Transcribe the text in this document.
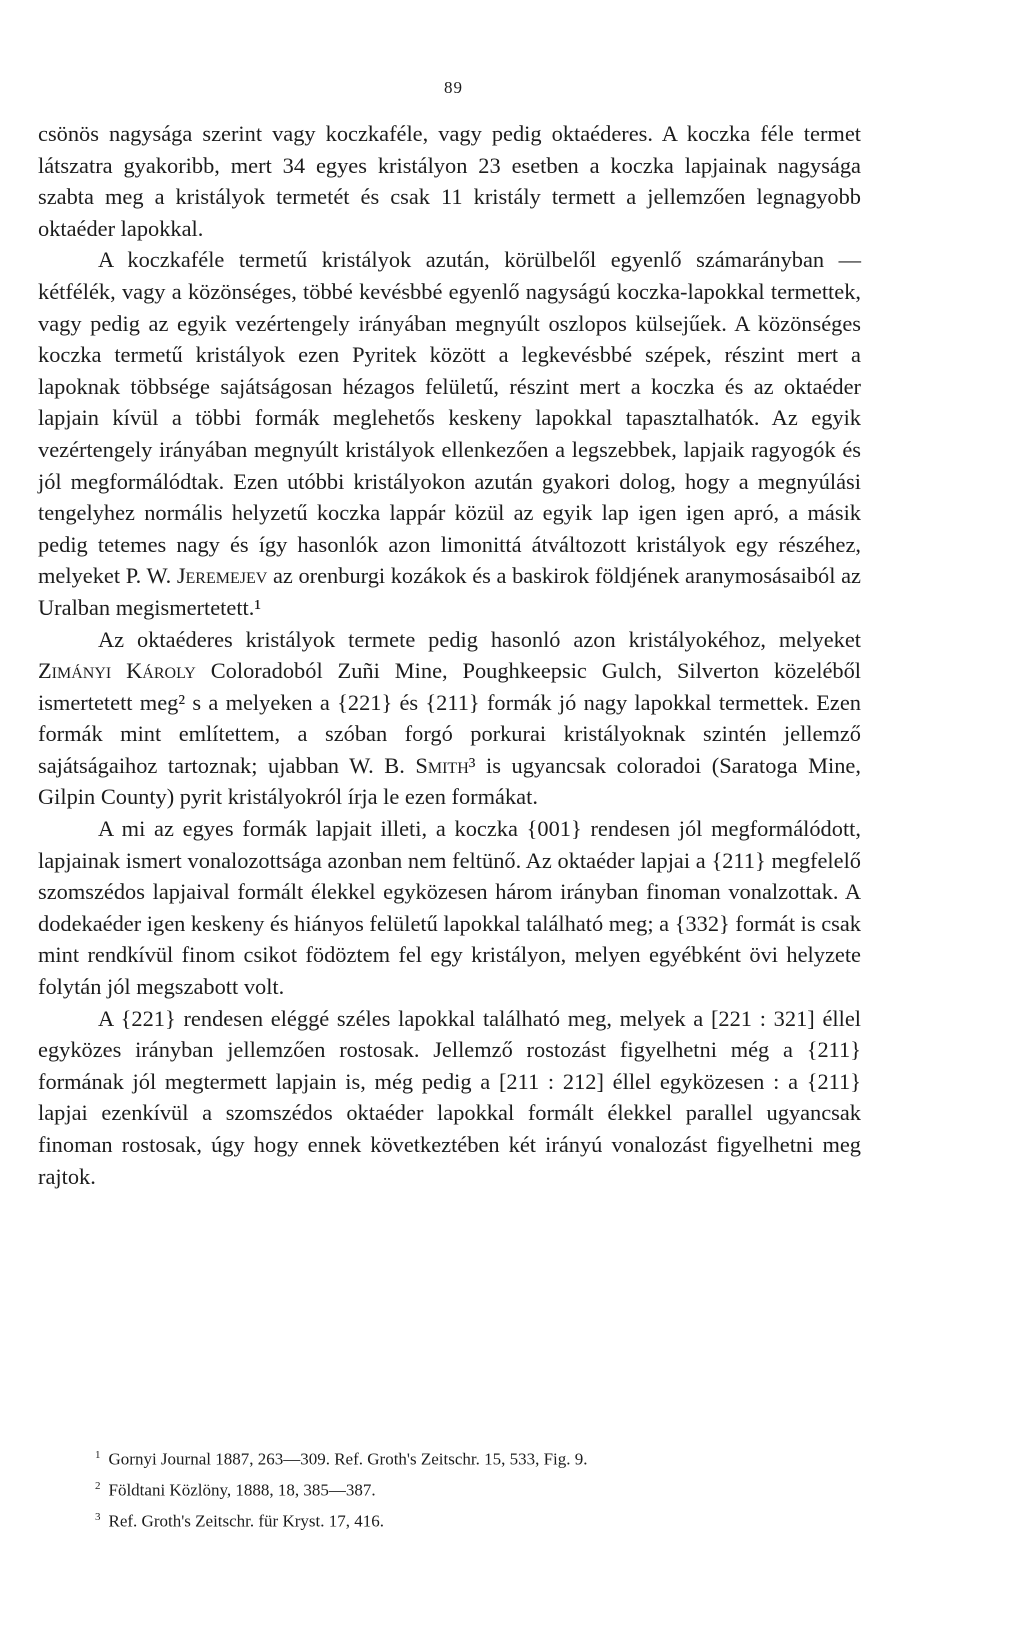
89

csönös nagysága szerint vagy koczkaféle, vagy pedig oktaéderes. A koczka féle termet látszatra gyakoribb, mert 34 egyes kristályon 23 esetben a koczka lapjainak nagysága szabta meg a kristályok termetét és csak 11 kristály termett a jellemzően legnagyobb oktaéder lapokkal.

A koczkaféle termetű kristályok azután, körülbelől egyenlő számarányban — kétfélék, vagy a közönséges, többé kevésbbé egyenlő nagyságú koczka-lapokkal termettek, vagy pedig az egyik vezértengely irányában megnyúlt oszlopos külsejűek. A közönséges koczka termetű kristályok ezen Pyritek között a legkevésbbé szépek, részint mert a lapoknak többsége sajátságosan hézagos felületű, részint mert a koczka és az oktaéder lapjain kívül a többi formák meglehetős keskeny lapokkal tapasztalhatók. Az egyik vezértengely irányában megnyúlt kristályok ellenkezően a legszebbek, lapjaik ragyogók és jól megformálódtak. Ezen utóbbi kristályokon azután gyakori dolog, hogy a megnyúlási tengelyhez normális helyzetű koczka lappár közül az egyik lap igen igen apró, a másik pedig tetemes nagy és így hasonlók azon limonittá átváltozott kristályok egy részéhez, melyeket P. W. Jeremejev az orenburgi kozákok és a baskirok földjének aranymosásaiból az Uralban megismertetett.¹

Az oktaéderes kristályok termete pedig hasonló azon kristályokéhoz, melyeket Zimányi Károly Coloradoból Zuñi Mine, Poughkeepsic Gulch, Silverton közeléből ismertetett meg² s a melyeken a {221} és {211} formák jó nagy lapokkal termettek. Ezen formák mint említettem, a szóban forgó porkurai kristályoknak szintén jellemző sajátságaihoz tartoznak; ujabban W. B. Smith³ is ugyancsak coloradoi (Saratoga Mine, Gilpin County) pyrit kristályokról írja le ezen formákat.

A mi az egyes formák lapjait illeti, a koczka {001} rendesen jól megformálódott, lapjainak ismert vonalozottsága azonban nem feltünő. Az oktaéder lapjai a {211} megfelelő szomszédos lapjaival formált élekkel egyközesen három irányban finoman vonalzottak. A dodekaéder igen keskeny és hiányos felületű lapokkal található meg; a {332} formát is csak mint rendkívül finom csikot födöztem fel egy kristályon, melyen egyébként övi helyzete folytán jól megszabott volt.

A {221} rendesen eléggé széles lapokkal található meg, melyek a [221 : 321] éllel egyközes irányban jellemzően rostosak. Jellemző rostozást figyelhetni még a {211} formának jól megtermett lapjain is, még pedig a [211 : 212] éllel egyközesen : a {211} lapjai ezenkívül a szomszédos oktaéder lapokkal formált élekkel parallel ugyancsak finoman rostosak, úgy hogy ennek következtében két irányú vonalozást figyelhetni meg rajtok.

$^1$ Gornyi Journal 1887, 263—309. Ref. Groth's Zeitschr. 15, 533, Fig. 9.
$^2$ Földtani Közlöny, 1888, 18, 385—387.
$^3$ Ref. Groth's Zeitschr. für Kryst. 17, 416.
